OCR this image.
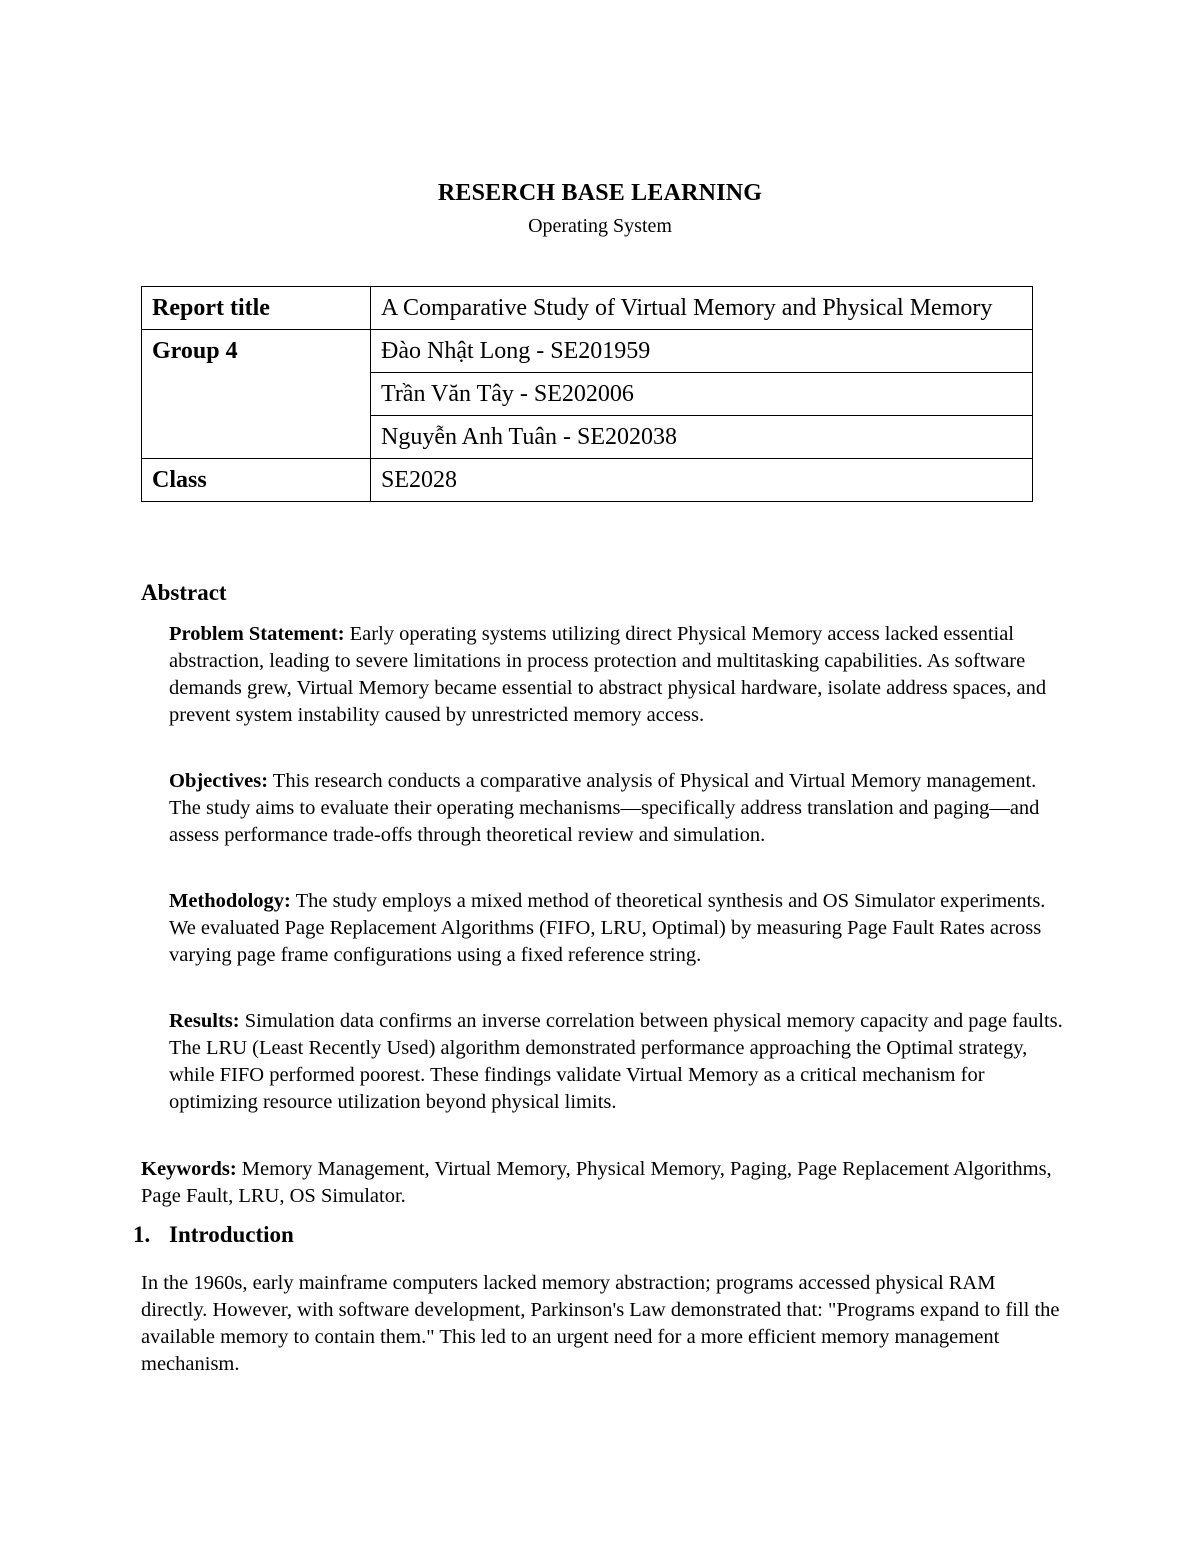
RESERCH BASE LEARNING
Operating System
Report title	A Comparative Study of Virtual Memory and Physical Memory
Group 4	Đào Nhật Long - SE201959
	Trần Văn Tây - SE202006
	Nguyễn Anh Tuân - SE202038
Class	SE2028
Abstract
Problem Statement: Early operating systems utilizing direct Physical Memory access lacked essential abstraction, leading to severe limitations in process protection and multitasking capabilities. As software demands grew, Virtual Memory became essential to abstract physical hardware, isolate address spaces, and prevent system instability caused by unrestricted memory access.
Objectives: This research conducts a comparative analysis of Physical and Virtual Memory management. The study aims to evaluate their operating mechanisms—specifically address translation and paging—and assess performance trade-offs through theoretical review and simulation.
Methodology: The study employs a mixed method of theoretical synthesis and OS Simulator experiments. We evaluated Page Replacement Algorithms (FIFO, LRU, Optimal) by measuring Page Fault Rates across varying page frame configurations using a fixed reference string.
Results: Simulation data confirms an inverse correlation between physical memory capacity and page faults. The LRU (Least Recently Used) algorithm demonstrated performance approaching the Optimal strategy, while FIFO performed poorest. These findings validate Virtual Memory as a critical mechanism for optimizing resource utilization beyond physical limits.
Keywords: Memory Management, Virtual Memory, Physical Memory, Paging, Page Replacement Algorithms, Page Fault, LRU, OS Simulator.
1. Introduction
In the 1960s, early mainframe computers lacked memory abstraction; programs accessed physical RAM directly. However, with software development, Parkinson's Law demonstrated that: "Programs expand to fill the available memory to contain them." This led to an urgent need for a more efficient memory management mechanism.
